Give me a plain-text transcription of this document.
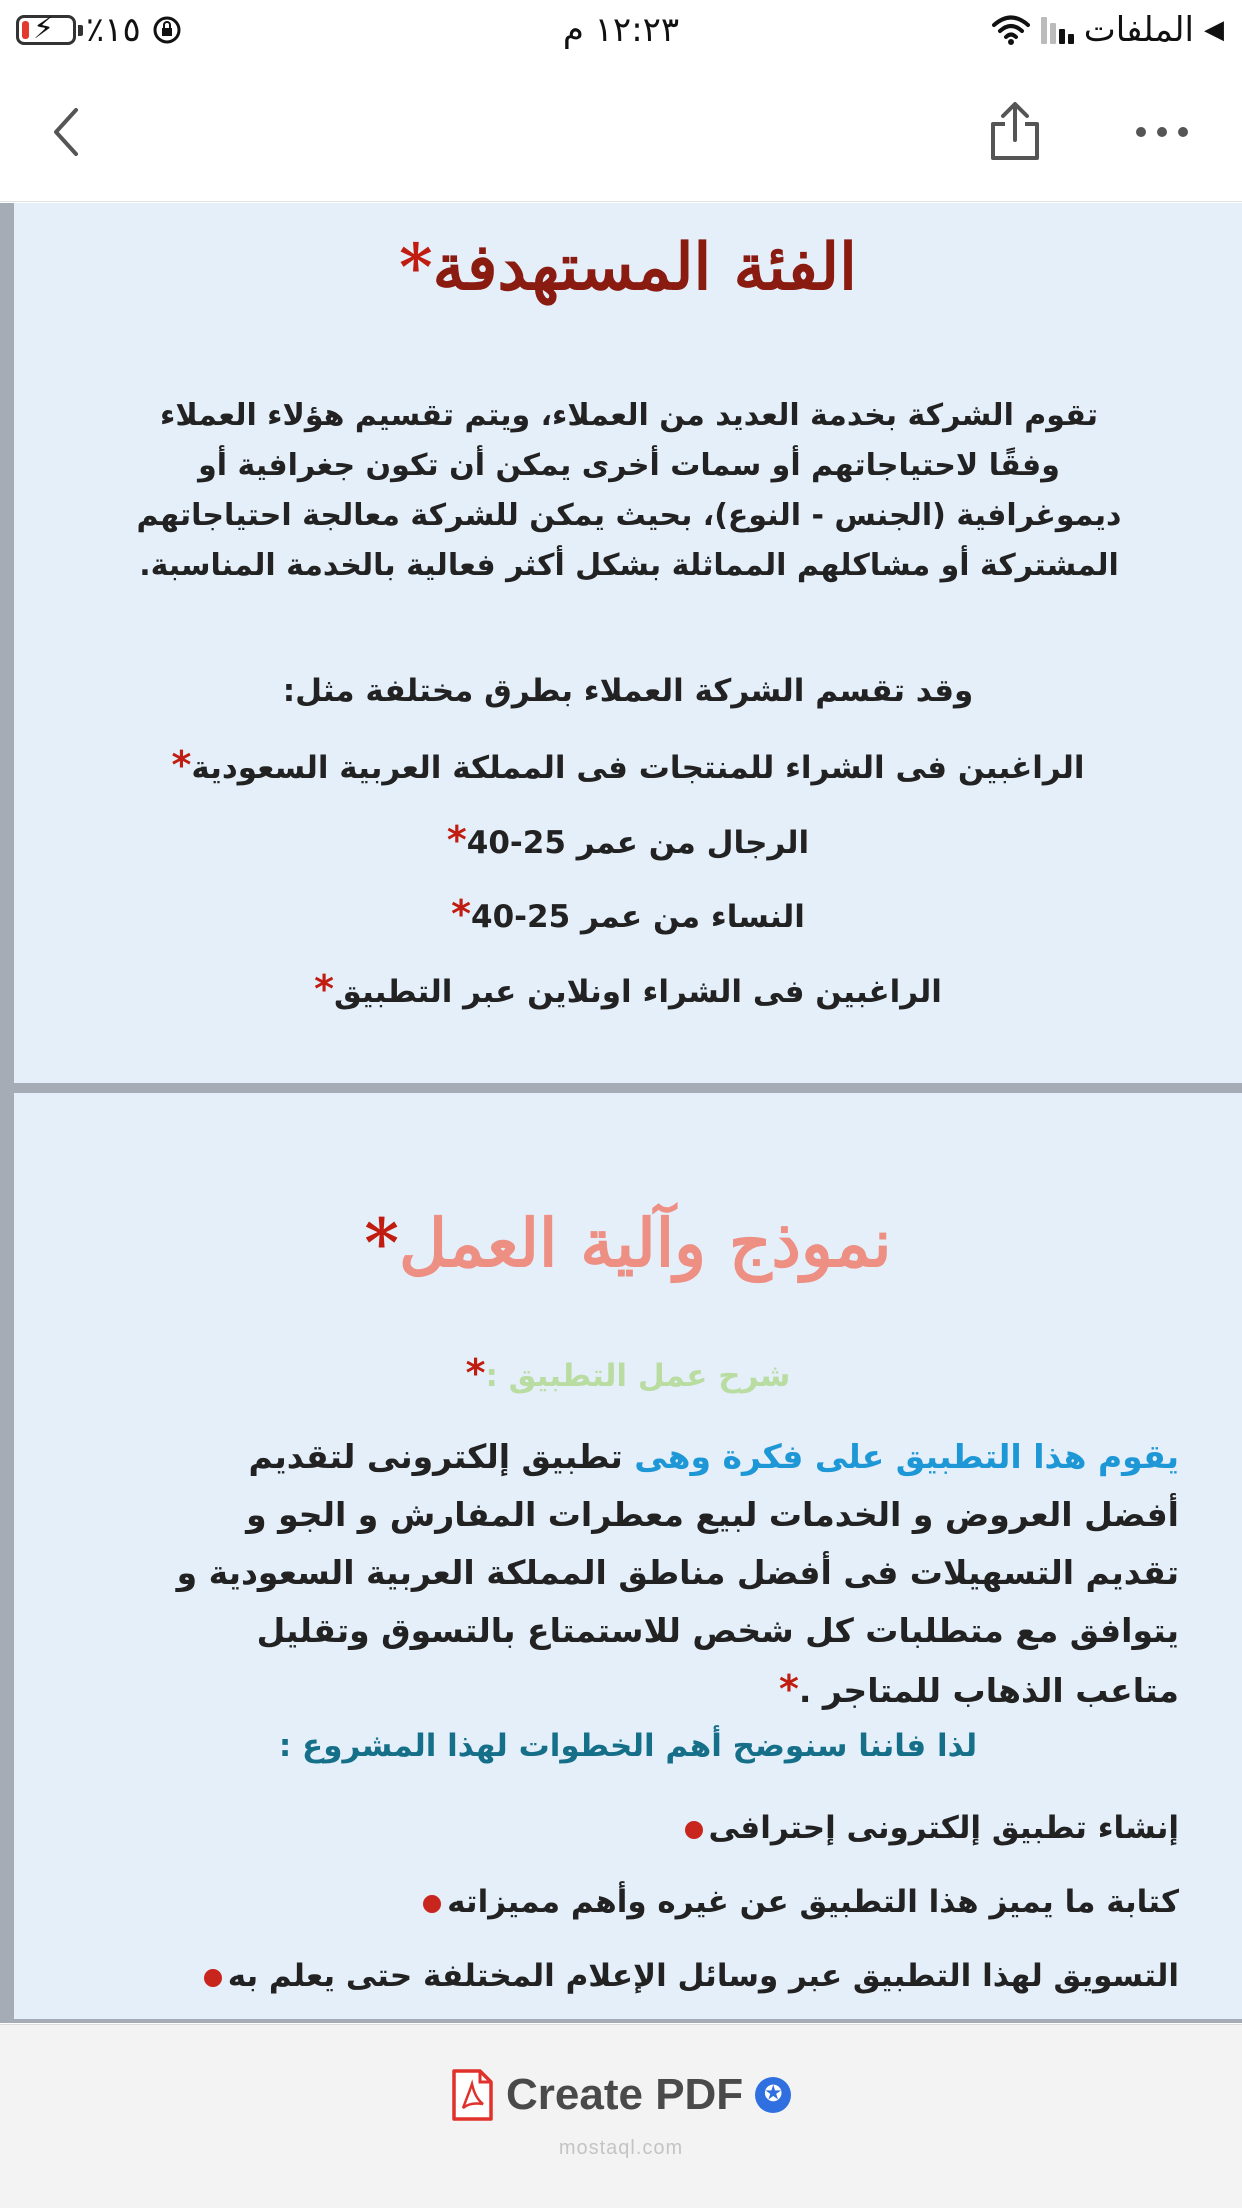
◀
الملفات
١٢:٢٣ م
⚡ ٪١٥
الفئة المستهدفة*
تقوم الشركة بخدمة العديد من العملاء، ويتم تقسيم هؤلاء العملاء وفقًا لاحتياجاتهم أو سمات أخرى يمكن أن تكون جغرافية أو ديموغرافية (الجنس - النوع)، بحيث يمكن للشركة معالجة احتياجاتهم المشتركة أو مشاكلهم المماثلة بشكل أكثر فعالية بالخدمة المناسبة.
وقد تقسم الشركة العملاء بطرق مختلفة مثل:
الراغبين فى الشراء للمنتجات فى المملكة العربية السعودية*
الرجال من عمر 25-40*
النساء من عمر 25-40*
الراغبين فى الشراء اونلاين عبر التطبيق*
نموذج وآلية العمل*
شرح عمل التطبيق :*
يقوم هذا التطبيق على فكرة وهى تطبيق إلكترونى لتقديم أفضل العروض و الخدمات لبيع معطرات المفارش و الجو و تقديم التسهيلات فى أفضل مناطق المملكة العربية السعودية و يتوافق مع متطلبات كل شخص للاستمتاع بالتسوق وتقليل متاعب الذهاب للمتاجر .*
لذا فاننا سنوضح أهم الخطوات لهذا المشروع :
إنشاء تطبيق إلكترونى إحترافى
كتابة ما يميز هذا التطبيق عن غيره وأهم مميزاته
التسويق لهذا التطبيق عبر وسائل الإعلام المختلفة حتى يعلم به
Create PDF ✪
mostaql.com
